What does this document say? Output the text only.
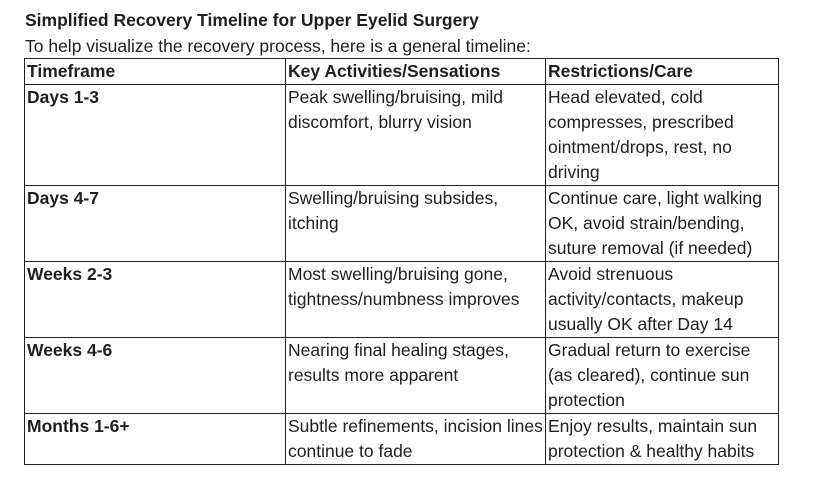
Simplified Recovery Timeline for Upper Eyelid Surgery
To help visualize the recovery process, here is a general timeline:
Timeframe	Key Activities/Sensations	Restrictions/Care
Days 1-3	Peak swelling/bruising, mild discomfort, blurry vision	Head elevated, cold compresses, prescribed ointment/drops, rest, no driving
Days 4-7	Swelling/bruising subsides, itching	Continue care, light walking OK, avoid strain/bending, suture removal (if needed)
Weeks 2-3	Most swelling/bruising gone, tightness/numbness improves	Avoid strenuous activity/contacts, makeup usually OK after Day 14
Weeks 4-6	Nearing final healing stages, results more apparent	Gradual return to exercise (as cleared), continue sun protection
Months 1-6+	Subtle refinements, incision lines continue to fade	Enjoy results, maintain sun protection & healthy habits
